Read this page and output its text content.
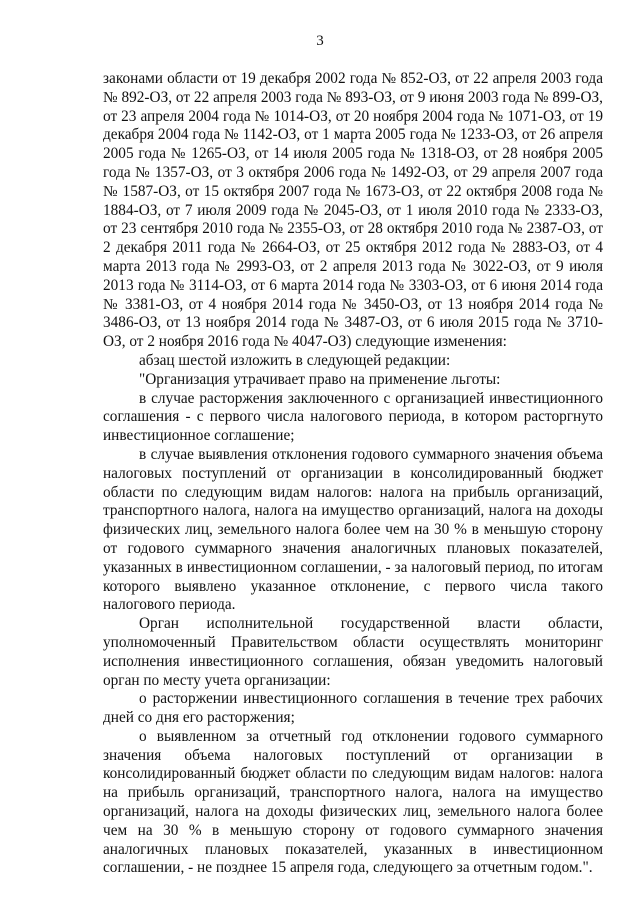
3

законами области от 19 декабря 2002 года № 852-ОЗ, от 22 апреля 2003 года № 892-ОЗ, от 22 апреля 2003 года № 893-ОЗ, от 9 июня 2003 года № 899-ОЗ, от 23 апреля 2004 года № 1014-ОЗ, от 20 ноября 2004 года № 1071-ОЗ, от 19 декабря 2004 года № 1142-ОЗ, от 1 марта 2005 года № 1233-ОЗ, от 26 апреля 2005 года № 1265-ОЗ, от 14 июля 2005 года № 1318-ОЗ, от 28 ноября 2005 года № 1357-ОЗ, от 3 октября 2006 года № 1492-ОЗ, от 29 апреля 2007 года № 1587-ОЗ, от 15 октября 2007 года № 1673-ОЗ, от 22 октября 2008 года № 1884-ОЗ, от 7 июля 2009 года № 2045-ОЗ, от 1 июля 2010 года № 2333-ОЗ, от 23 сентября 2010 года № 2355-ОЗ, от 28 октября 2010 года № 2387-ОЗ, от 2 декабря 2011 года № 2664-ОЗ, от 25 октября 2012 года № 2883-ОЗ, от 4 марта 2013 года № 2993-ОЗ, от 2 апреля 2013 года № 3022-ОЗ, от 9 июля 2013 года № 3114-ОЗ, от 6 марта 2014 года № 3303-ОЗ, от 6 июня 2014 года № 3381-ОЗ, от 4 ноября 2014 года № 3450-ОЗ, от 13 ноября 2014 года № 3486-ОЗ, от 13 ноября 2014 года № 3487-ОЗ, от 6 июля 2015 года № 3710-ОЗ, от 2 ноября 2016 года № 4047-ОЗ) следующие изменения:

абзац шестой изложить в следующей редакции:

"Организация утрачивает право на применение льготы:

в случае расторжения заключенного с организацией инвестиционного соглашения - с первого числа налогового периода, в котором расторгнуто инвестиционное соглашение;

в случае выявления отклонения годового суммарного значения объема налоговых поступлений от организации в консолидированный бюджет области по следующим видам налогов: налога на прибыль организаций, транспортного налога, налога на имущество организаций, налога на доходы физических лиц, земельного налога более чем на 30 % в меньшую сторону от годового суммарного значения аналогичных плановых показателей, указанных в инвестиционном соглашении, - за налоговый период, по итогам которого выявлено указанное отклонение, с первого числа такого налогового периода.

Орган исполнительной государственной власти области, уполномоченный Правительством области осуществлять мониторинг исполнения инвестиционного соглашения, обязан уведомить налоговый орган по месту учета организации:

о расторжении инвестиционного соглашения в течение трех рабочих дней со дня его расторжения;

о выявленном за отчетный год отклонении годового суммарного значения объема налоговых поступлений от организации в консолидированный бюджет области по следующим видам налогов: налога на прибыль организаций, транспортного налога, налога на имущество организаций, налога на доходы физических лиц, земельного налога более чем на 30 % в меньшую сторону от годового суммарного значения аналогичных плановых показателей, указанных в инвестиционном соглашении, - не позднее 15 апреля года, следующего за отчетным годом.".
